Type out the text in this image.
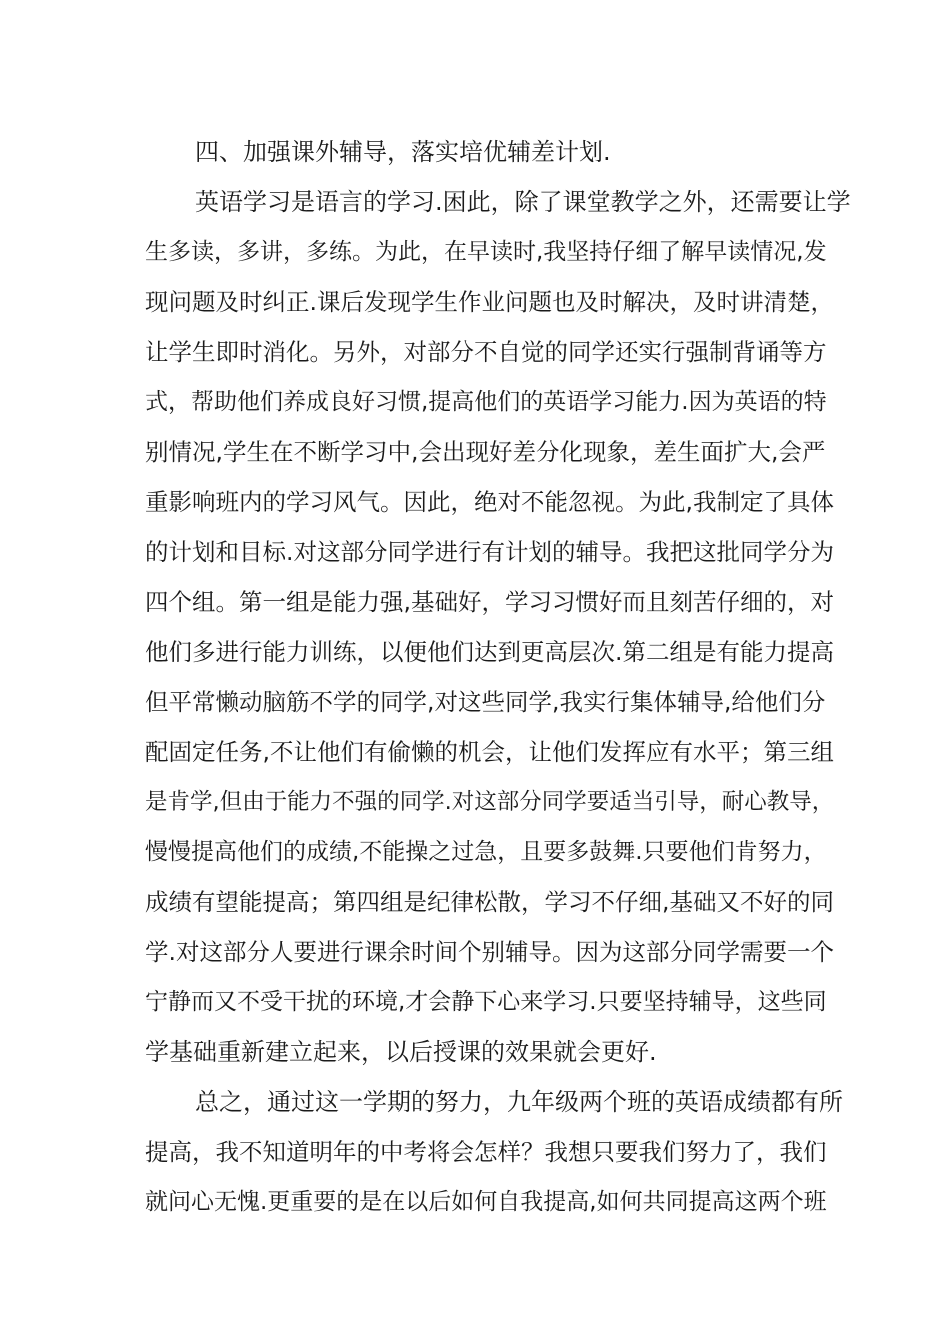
四、加强课外辅导，落实培优辅差计划.
英语学习是语言的学习.困此，除了课堂教学之外，还需要让学
生多读，多讲，多练。为此，在早读时,我坚持仔细了解早读情况,发
现问题及时纠正.课后发现学生作业问题也及时解决，及时讲清楚，
让学生即时消化。另外，对部分不自觉的同学还实行强制背诵等方
式，帮助他们养成良好习惯,提高他们的英语学习能力.因为英语的特
别情况,学生在不断学习中,会出现好差分化现象，差生面扩大,会严
重影响班内的学习风气。因此，绝对不能忽视。为此,我制定了具体
的计划和目标.对这部分同学进行有计划的辅导。我把这批同学分为
四个组。第一组是能力强,基础好，学习习惯好而且刻苦仔细的，对
他们多进行能力训练，以便他们达到更高层次.第二组是有能力提高
但平常懒动脑筋不学的同学,对这些同学,我实行集体辅导,给他们分
配固定任务,不让他们有偷懒的机会，让他们发挥应有水平；第三组
是肯学,但由于能力不强的同学.对这部分同学要适当引导，耐心教导，
慢慢提高他们的成绩,不能操之过急，且要多鼓舞.只要他们肯努力，
成绩有望能提高；第四组是纪律松散，学习不仔细,基础又不好的同
学.对这部分人要进行课余时间个别辅导。因为这部分同学需要一个
宁静而又不受干扰的环境,才会静下心来学习.只要坚持辅导，这些同
学基础重新建立起来，以后授课的效果就会更好.
总之，通过这一学期的努力，九年级两个班的英语成绩都有所
提高，我不知道明年的中考将会怎样？我想只要我们努力了，我们
就问心无愧.更重要的是在以后如何自我提高,如何共同提高这两个班
